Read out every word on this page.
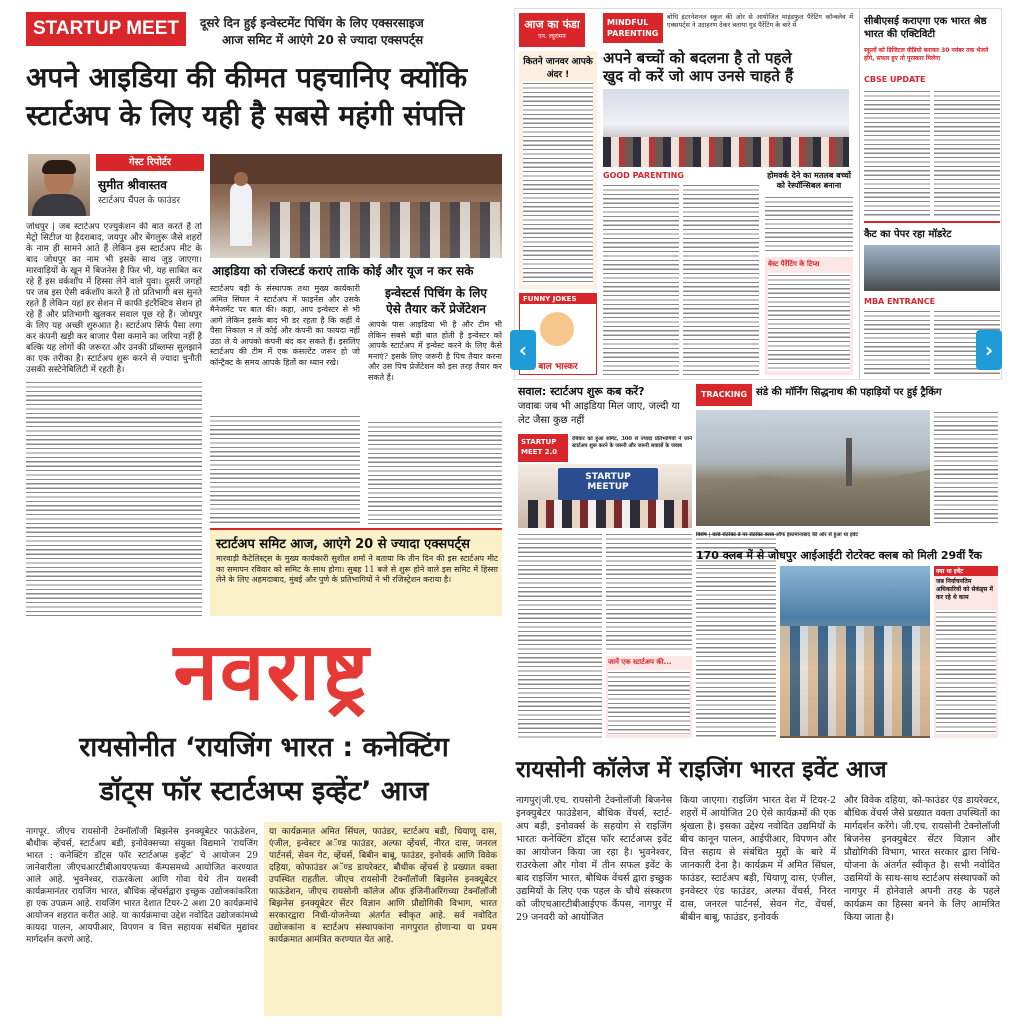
STARTUP MEET	दूसरे दिन हुई इन्वेस्टमेंट पिचिंग के लिए एक्सरसाइज
आज समिट में आएंगे 20 से ज्यादा एक्सपर्ट्स
अपने आइडिया की कीमत पहचानिए क्योंकि
स्टार्टअप के लिए यही है सबसे महंगी संपत्ति
गेस्ट रिपोर्टर
सुमीत श्रीवास्तव
स्टार्टअप चैंपल के फाउंडर
आइडिया को रजिस्टर्ड कराएं ताकि कोई और यूज न कर सके
जोधपुर | जब स्टार्टअप एज्युकेशन की बात करते हैं तो मेट्रो सिटीज या हैदराबाद, जयपुर और बेंगलुरू जैसे शहरों के नाम ही सामने आते हैं लेकिन इस स्टार्टअप मीट के बाद जोधपुर का नाम भी इसके साथ जुड़ जाएगा। मारवाड़ियों के खून में बिजनेस है फिर भी, यह साबित कर रहे हैं इस वर्कशॉप में हिस्सा लेने वाले युवा। दूसरी जगहों पर जब इस ऐसी वर्कशॉप करते हैं तो प्रतिभागी बस सुनते रहते हैं लेकिन यहां हर सेशन में काफी इंटरैक्टिव सेशन हो रहे हैं और प्रतिभागी खुलकर सवाल पूछ रहे हैं। जोधपुर के लिए यह अच्छी शुरुआत है। स्टार्टअप सिर्फ पैसा लगा कर कंपनी खड़ी कर बाजार पैसा कमाने का जरिया नहीं है बल्कि यह लोगों की जरूरत और उनकी प्रॉब्लम्स सुलझाने का एक तरीका है। स्टार्टअप शुरू करने से ज्यादा चुनौती उसकी सस्टेनेबिलिटी में रहती है।
स्टार्टअप बड़ी के संस्थापक तथा मुख्य कार्यकारी अमित सिंघल ने स्टार्टअप में फाइनेंस और उसके मैनेजमेंट पर बात की। कहा, आप इन्वेस्टर से भी आगे लेकिन इसके बाद भी डर रहता है कि कहीं वे पैसा निकाल न लें कोई और कंपनी का फायदा नहीं उठा ले ये आपको कंपनी बंद कर सकते हैं। इसलिए स्टार्टअप की टीम में एक कंसल्टेंट जरूर हो जो कॉन्ट्रैक्ट के समय आपके हितों का ध्यान रखे।
इन्वेस्टर्स पिचिंग के लिए
ऐसे तैयार करें प्रेजेंटेशन
आपके पास आइडिया भी है और टीम भी लेकिन सबसे बड़ी बात होती है इन्वेस्टर को आपके स्टार्टअप में इन्वेस्ट करने के लिए कैसे मनाएं? इसके लिए जरूरी है पिच तैयार करना और उस पिच प्रेजेंटेशन को इस तरह तैयार कर सकते हैं।
स्टार्टअप समिट आज, आएंगे 20 से ज्यादा एक्सपर्ट्स
मारवाड़ी कैटेलिस्ट्स के मुख्य कार्यकारी सुशील शर्मा ने बताया कि तीन दिन की इस स्टार्टअप मीट का समापन रविवार को समिट के साथ होगा। सुबह 11 बजे से शुरू होने वाले इस समिट में हिस्सा लेने के लिए अहमदाबाद, मुंबई और पुणे के प्रतिभागियों ने भी रजिस्ट्रेशन कराया है।
आज का फंडा
एन. रघुरामन
MINDFUL PARENTING
बोधि इंटरनेशनल स्कूल की ओर से आयोजित माइंडफुल पैरेंटिंग कॉन्क्लेव में एक्सपर्ट्स ने उदाहरण देकर बताया गुड पैरेंटिंग के बारे में
अपने बच्चों को बदलना है तो पहले
खुद वो करें जो आप उनसे चाहते हैं
कितने जानवर आपके अंदर !
GOOD PARENTING	होमवर्क देने का मतलब बच्चों को रेस्पॉन्सिबल बनाना
बेस्ट पैरेंटिंग के टिप्स
FUNNY JOKES
बाल भास्कर
सीबीएसई कराएगा एक भारत श्रेष्ठ भारत की एक्टिविटी
स्कूलों को डिजिटल वीडियो बनाकर 30 नवंबर तक भेजने होंगे, सफल हुए तो पुरस्कार मिलेगा
CBSE UPDATE
कैट का पेपर रहा मॉडरेट
MBA ENTRANCE
‹	›
सवाल: स्टार्टअप शुरू कब करें?
जवाबः जब भी आइडिया मिल जाए, जल्दी या लेट जैसा कुछ नहीं
STARTUP MEET 2.0
रविवार को हुआ समिट, 300 से ज्यादा प्रतिभागियों ने जाने स्टार्टअप शुरू करने के जरूरी और जरूरी सवालों के जवाब
STARTUP
MEETUP
जानें एक स्टार्टअप की...
TRACKING संडे की मॉर्निंग सिद्धनाथ की पहाड़ियों पर हुई ट्रैकिंग
विशेष | वर्ल्ड रोटरेक्ट डे पर रोटरेक्ट क्लब ऑफ इस्तमानाबाद की ओर से हुआ था इवेंट
170 क्लब में से जोधपुर आईआईटी रोटरेक्ट क्लब को मिली 29वीं रैंक
क्या था इवेंट
जब निर्वाचनतिम अधिकारियों को सेकंड्स में कर रहे थे काम
नवराष्ट्र
रायसोनीत ‘रायजिंग भारत : कनेक्टिंग
डॉट्स फॉर स्टार्टअप्स इव्हेंट’ आज
नागपूर. जीएच रायसोनी टेक्नॉलॉजी बिझनेस इनक्यूबेटर फाऊंडेशन, बौधीक व्हेंचर्स, स्टार्टअप बडी, इनोवेक्सच्या संयुक्त विद्यमाने 'रायजिंग भारत : कनेक्टिंग डॉट्स फॉर स्टार्टअप्स इव्हेंट' चे आयोजन 29 जानेवारीला जीएचआरटीबीआयएफच्या कॅम्पसमध्ये आयोजित करण्यात आले आहे. भुवनेश्वर, राऊरकेला आणि गोवा येथे तीन यशस्वी कार्यक्रमानंतर रायजिंग भारत, बौधिक व्हेंचर्सद्वारा इच्छुक उद्योजकांकरिता हा एक उपक्रम आहे. रायजिंग भारत देशात टियर-2 अशा 20 कार्यक्रमांचे आयोजन शहरात करीत आहे. या कार्यक्रमाचा उद्देश नवोदित उद्योजकांमध्ये कायदा पालन, आयपीआर, विपणन व वित्त सहायक संबंधित मुद्यांवर मार्गदर्शन करणे आहे.
या कार्यक्रमात अमित सिंघल, फाउंडर, स्टार्टअप बडी, धियाणू दास, एंजील, इन्वेस्टर अॅण्ड फाउंडर, अल्फा व्हेंचर्स, नीरत दास, जनरल पार्टनर्स, सेवन गेट, व्हेंचर्स, बिबीन बाबू, फाउंडर, इनोवर्क आणि विवेक दहिया, कोफाउंडर अॅण्ड डायरेक्टर, बौधीक व्हेंचर्स हे प्रख्यात वक्ता उपस्थित राहतील. जीएच रायसोनी टेक्नॉलॉजी बिझनेस इनक्यूबेटर फाऊंडेशन, जीएच रायसोनी कॉलेज ऑफ इंजिनीअरिंगच्या टेक्नॉलॉजी बिझनेस इनक्यूबेटर सेंटर विज्ञान आणि प्रौद्योगिकी विभाग, भारत सरकारद्वारा निधी-योजनेच्या अंतर्गत स्वीकृत आहे. सर्व नवोदित उद्योजकांना व स्टार्टअप संस्थापकांना नागपुरात होणाऱ्या या प्रथम कार्यक्रमात आमंत्रित करण्यात येत आहे.
रायसोनी कॉलेज में राइजिंग भारत इवेंट आज
नागपुर|जी.एच. रायसोनी टेक्नोलॉजी बिजनेस इनक्युबेटर फाउंडेशन, बौधिक वेंचर्स, स्टार्ट-अप बड़ी, इनोवर्क्स के सहयोग से राइजिंग भारतः कनेक्टिंग डॉट्स फॉर स्टार्टअप्स इवेंट का आयोजन किया जा रहा है। भुवनेश्वर, राउरकेला और गोवा में तीन सफल इवेंट के बाद राइजिंग भारत, बौधिक वेंचर्स द्वारा इच्छुक उद्यमियों के लिए एक पहल के चौथे संस्करण को जीएचआरटीबीआईएफ कैंपस, नागपुर में 29 जनवरी को आयोजित
किया जाएगा। राइजिंग भारत देश में टियर-2 शहरों में आयोजित 20 ऐसे कार्यक्रमों की एक श्रृंखला है। इसका उद्देश्य नवोदित उद्यमियों के बीच कानून पालन, आईपीआर, विपणन और वित्त सहाय से संबंधित मुद्दों के बारे में जानकारी देना है। कार्यक्रम में अमित सिंघल, फाउंडर, स्टार्टअप बड़ी, धियाणू दास, एंजील, इनवेस्टर एंड फाउंडर, अल्फा वेंचर्स, निरत दास, जनरल पार्टनर्स, सेवन गेट, वेंचर्स, बीबीन बाबू, फाउंडर, इनोवर्क
और विवेक दहिया, को-फाउंडर एंड डायरेक्टर, बौधिक वेंचर्स जैसे प्रख्यात वक्ता उपस्थितों का मार्गदर्शन करेंगे। जी.एच. रायसोनी टेक्नोलॉजी बिजनेस इनक्युबेटर सेंटर विज्ञान और प्रौद्योगिकी विभाग, भारत सरकार द्वारा निधि-योजना के अंतर्गत स्वीकृत है। सभी नवोदित उद्यमियों के साथ-साथ स्टार्टअप संस्थापकों को नागपुर में होनेवाले अपनी तरह के पहले कार्यक्रम का हिस्सा बनने के लिए आमंत्रित किया जाता है।
